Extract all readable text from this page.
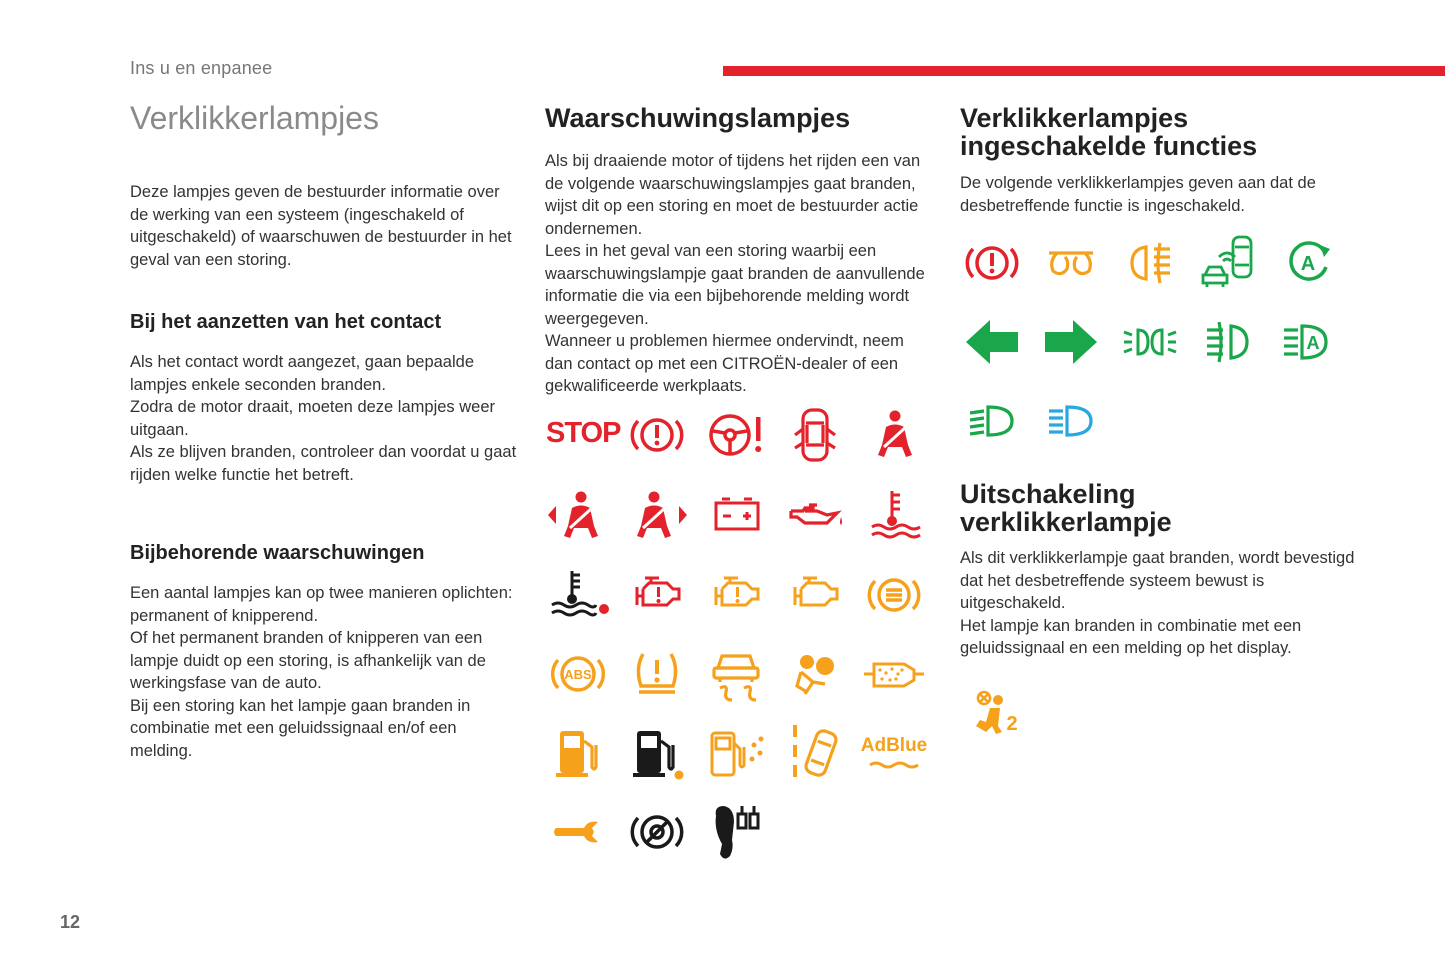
Ins u en enpanee
Verklikkerlampjes

Deze lampjes geven de bestuurder informatie over de werking van een systeem (ingeschakeld of uitgeschakeld) of waarschuwen de bestuurder in het geval van een storing.

Bij het aanzetten van het contact

Als het contact wordt aangezet, gaan bepaalde lampjes enkele seconden branden.

Zodra de motor draait, moeten deze lampjes weer uitgaan.

Als ze blijven branden, controleer dan voordat u gaat rijden welke functie het betreft.

Bijbehorende waarschuwingen

Een aantal lampjes kan op twee manieren oplichten: permanent of knipperend.

Of het permanent branden of knipperen van een lampje duidt op een storing, is afhankelijk van de werkingsfase van de auto.

Bij een storing kan het lampje gaan branden in combinatie met een geluidssignaal en/of een melding.

Waarschuwingslampjes

Als bij draaiende motor of tijdens het rijden een van de volgende waarschuwingslampjes gaat branden, wijst dit op een storing en moet de bestuurder actie ondernemen.

Lees in het geval van een storing waarbij een waarschuwingslampje gaat branden de aanvullende informatie die via een bijbehorende melding wordt weergegeven.

Wanneer u problemen hiermee ondervindt, neem dan contact op met een CITROËN-dealer of een gekwalificeerde werkplaats.

STOP
ABS
AdBlue
Verklikkerlampjes
ingeschakelde functies

De volgende verklikkerlampjes geven aan dat de desbetreffende functie is ingeschakeld.

A
A
Uitschakeling
verklikkerlampje

Als dit verklikkerlampje gaat branden, wordt bevestigd dat het desbetreffende systeem bewust is uitgeschakeld.

Het lampje kan branden in combinatie met een geluidssignaal en een melding op het display.

2
12
